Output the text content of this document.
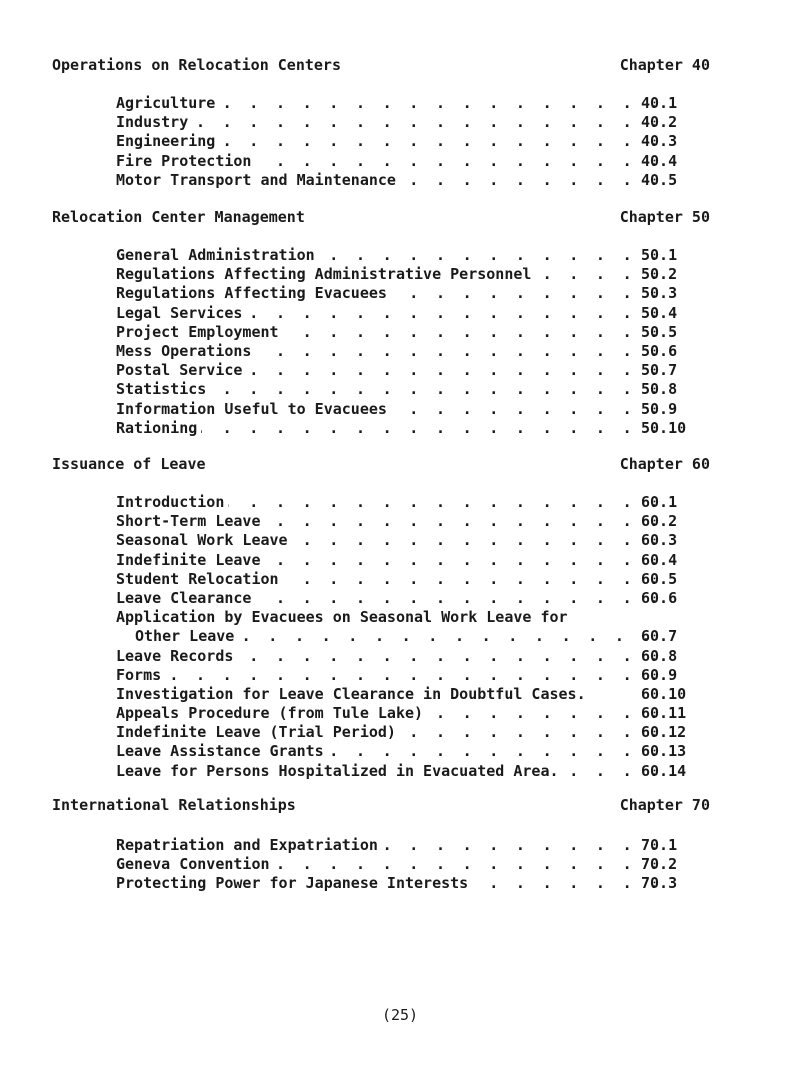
Operations on Relocation Centers	Chapter 40
Agriculture . . .	40.1
Industry . . .	40.2
Engineering . . .	40.3
Fire Protection . . .	40.4
Motor Transport and Maintenance . . .	40.5
Relocation Center Management	Chapter 50
General Administration . . .	50.1
Regulations Affecting Administrative Personnel . . .	50.2
Regulations Affecting Evacuees . . .	50.3
Legal Services . . .	50.4
Project Employment . . .	50.5
Mess Operations . . .	50.6
Postal Service . . .	50.7
Statistics . . .	50.8
Information Useful to Evacuees . . .	50.9
Rationing . . .	50.10
Issuance of Leave	Chapter 60
Introduction . . .	60.1
Short-Term Leave . . .	60.2
Seasonal Work Leave . . .	60.3
Indefinite Leave . . .	60.4
Student Relocation . . .	60.5
Leave Clearance . . .	60.6
Application by Evacuees on Seasonal Work Leave for
Other Leave . . .	60.7
Leave Records . . .	60.8
Forms . . .	60.9
Investigation for Leave Clearance in Doubtful Cases.	60.10
Appeals Procedure (from Tule Lake) . . .	60.11
Indefinite Leave (Trial Period) . . .	60.12
Leave Assistance Grants . . .	60.13
Leave for Persons Hospitalized in Evacuated Area. . . .	60.14
International Relationships	Chapter 70
Repatriation and Expatriation . . .	70.1
Geneva Convention . . .	70.2
Protecting Power for Japanese Interests . . .	70.3
(25)
